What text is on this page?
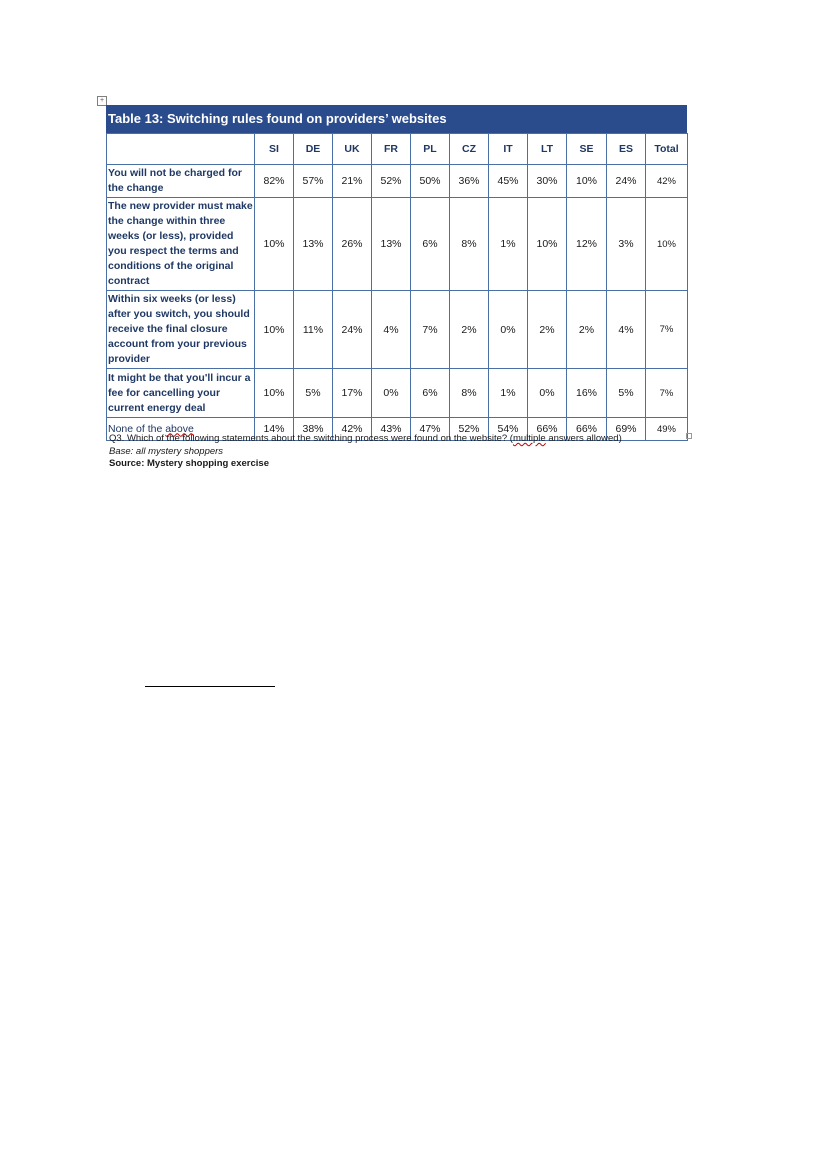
+
Table 13: Switching rules found on providers’ websites
	SI	DE	UK	FR	PL	CZ	IT	LT	SE	ES	Total
You will not be charged for the change	82%	57%	21%	52%	50%	36%	45%	30%	10%	24%	42%
The new provider must make the change within three weeks (or less), provided you respect the terms and conditions of the original contract	10%	13%	26%	13%	6%	8%	1%	10%	12%	3%	10%
Within six weeks (or less) after you switch, you should receive the final closure account from your previous provider	10%	11%	24%	4%	7%	2%	0%	2%	2%	4%	7%
It might be that you'll incur a fee for cancelling your current energy deal	10%	5%	17%	0%	6%	8%	1%	0%	16%	5%	7%
None of the above	14%	38%	42%	43%	47%	52%	54%	66%	66%	69%	49%
Q3. Which of the following statements about the switching process were found on the website? (multiple answers allowed)
Base: all mystery shoppers
Source: Mystery shopping exercise
